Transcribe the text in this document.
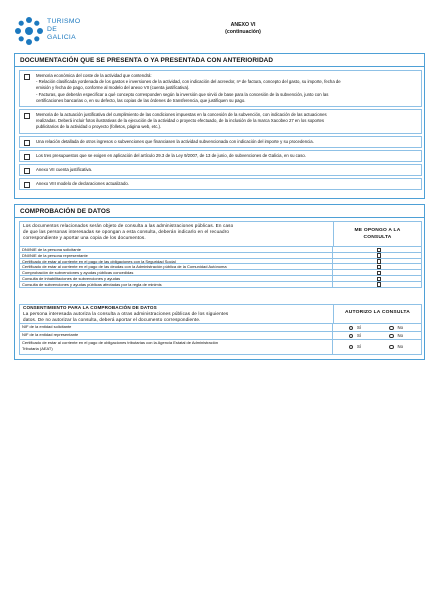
TURISMO
DE
GALICIA
ANEXO VI
(continuación)
DOCUMENTACIÓN QUE SE PRESENTA O YA PRESENTADA CON ANTERIORIDAD
Memoria económica del coste de la actividad que contendrá:
- Relación clasificada yordenada de los gastos e inversiones de la actividad, con indicación del acreedor, nº de factura, concepto del gasto, su importe, fecha de
emisión y fecha de pago, conforme al modelo del anexo VII (cuenta justificativa).
- Facturas, que deberán especificar a qué concepto corresponden según la inversión que sirvió de base para la concesión de la subvención, junto con las
certificaciones bancarias o, en su defecto, las copias de las órdenes de transferencia, que justifiquen su pago.
Memoria de la actuación justificativa del cumplimiento de las condiciones impuestas en la concesión de la subvención, con indicación de las actuaciones
realizadas. Deberá incluir fotos ilustrativas de la ejecución de la actividad o proyecto efectuado, de la inclusión de la marca Xacobeo 27 en los soportes
publicitarios de la actividad o proyecto (folletos, página web, etc.).
Una relación detallada de otros ingresos o subvenciones que financiasen la actividad subvencionada con indicación del importe y su procedencia.
Los tres presupuestos que se exigen en aplicación del artículo 29.3 de la Ley 9/2007, de 13 de junio, de subvenciones de Galicia, en su caso.
Anexo VII cuenta justificativa.
Anexo VIII modelo de declaraciones actualizado.
COMPROBACIÓN DE DATOS
Los documentos relacionados serán objeto de consulta a las administraciones públicas. En caso
de que las personas interesadas se opongan a esta consulta, deberán indicarlo en el recuadro
correspondiente y aportar una copia de los documentos.
ME OPONGO A LA
CONSULTA
DNI/NIE de la persona solicitante
DNI/NIE de la persona representante
Certificado de estar al corriente en el pago de las obligaciones con la Seguridad Social
Certificado de estar al corriente en el pago de las deudas con la Administración pública de la Comunidad Autónoma
Comprobación de subvenciones y ayudas públicas concedidas
Consulta de inhabilitaciones de subvenciones y ayudas
Consulta de subvenciones y ayudas públicas afectadas por la regla de minimis
CONSENTIMIENTO PARA LA COMPROBACIÓN DE DATOS
La persona interesada autoriza la consulta a otras administraciones públicas de los siguientes
datos. De no autorizar la consulta, deberá aportar el documento correspondiente.
AUTORIZO LA CONSULTA
NIF de la entidad solicitante	Sí	No
NIF de la entidad representante	Sí	No
Certificado de estar al corriente en el pago de obligaciones tributarias con la Agencia Estatal de Administración
Tributaria (AEAT)	Sí	No
